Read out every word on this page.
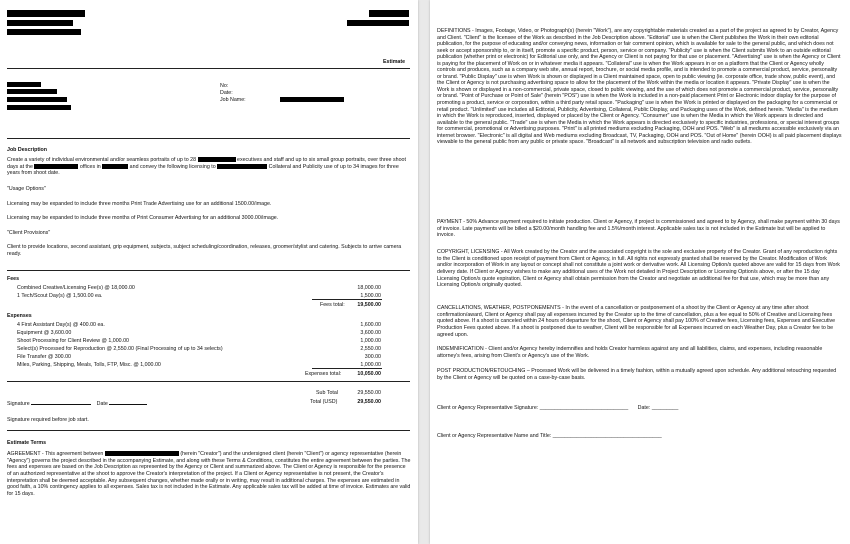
Estimate
No:
Date:
Job Name:
Job Description
Create a variety of individual environmental and/or seamless portraits of up to 28	executives and staff and up to six small group portraits, over three shoot days at the	offices in	and convey the following licensing to	Collateral and Publicity use of up to 34 images for three years from shoot date.
"Usage Options"
Licensing may be expanded to include three months Print Trade Advertising use for an additional 1500.00/image.
Licensing may be expanded to include three months of Print Consumer Advertising for an additional 3000.00/image.
"Client Provisions"
Client to provide locations, second assistant, grip equipment, subjects, subject scheduling/coordination, releases, groomer/stylist and catering. Subjects to arrive camera ready.
Fees
Combined Creative/Licensing Fee(s) @ 18,000.00	18,000.00
1 Tech/Scout Day(s) @ 1,500.00 ea.	1,500.00
Fees total:	19,500.00
Expenses
4 First Assistant Day(s) @ 400.00 ea.	1,600.00
Equipment @ 3,600.00	3,600.00
Shoot Processing for Client Review @ 1,000.00	1,000.00
Select(s) Processed for Reproduction @ 2,550.00 (Final Processing of up to 34 selects)	2,550.00
File Transfer @ 300.00	300.00
Miles, Parking, Shipping, Meals, Tolls, FTP, Misc. @ 1,000.00	1,000.00
Expenses total:	10,050.00
Sub Total	29,550.00
Total (USD)	29,550.00
Signature	Date
Signature required before job start.
Estimate Terms
AGREEMENT - This agreement between	(herein "Creator") and the undersigned client (herein "Client") or agency representative (herein "Agency") governs the project described in the accompanying Estimate, and along with these Terms & Conditions, constitutes the entire agreement between the parties. The fees and expenses are based on the Job Description as represented by the Agency or Client and summarized above. The Client or Agency is responsible for the presence of an authorized representative at the shoot to approve the Creator's interpretation of the project. If a Client or Agency representative is not present, the Creator's interpretation shall be deemed acceptable. Any subsequent changes, whether made orally or in writing, may result in additional charges. The expenses are estimated in good faith, a 10% contingency applies to all expenses. Sales tax is not included in the Estimate. Any applicable sales tax will be added at time of invoice. Estimates are valid for 15 days.
DEFINITIONS - Images, Footage, Video, or Photograph(s) (herein "Work"), are any copyrightable materials created as a part of the project as agreed to by Creator, Agency and Client. "Client" is the licensee of the Work as described in the Job Description above. "Editorial" use is when the Client publishes the Work in their own editorial publication, for the purpose of educating and/or conveying news, information or fair comment opinion, which is available for sale to the general public, and which does not seek or accept sponsorship to, or in itself, promote a specific product, person, service or company. "Publicity" use is when the Client submits Work to an outside editorial publication (whether print or electronic) for Editorial use only, and the Agency or Client is not paying for that use or placement. "Advertising" use is when the Agency or Client is paying for the placement of Work on or in whatever media it appears. "Collateral" use is when the Work appears in or on a platform that the Client or Agency wholly controls and produces, such as a company web site, annual report, brochure, or social media profile, and is intended to promote a commercial product, service, personality or brand. "Public Display" use is when Work is shown or displayed in a Client maintained space, open to public viewing (ie. corporate office, trade show, public event), and the Client or Agency is not purchasing advertising space to allow for the placement of the Work within the media or location it appears. "Private Display" use is when the Work is shown or displayed in a non-commercial, private space, closed to public viewing, and the use of which does not promote a commercial product, service, personality or brand. "Point of Purchase or Point of Sale" (herein "POS") use is when the Work is included in a non-paid placement Print or Electronic indoor display for the purpose of promoting a product, service or corporation, within a third party retail space. "Packaging" use is when the Work is printed or displayed on the packaging for a commercial or retail product. "Unlimited" use includes all Editorial, Publicity, Advertising, Collateral, Public Display, and Packaging uses of the Work, defined herein. "Media" is the medium in which the Work is reproduced, inserted, displayed or placed by the Client or Agency. "Consumer" use is when the Media in which the Work appears is directed and available to the general public. "Trade" use is when the Media in which the Work appears is directed exclusively to specific industries, professions, or special interest groups for commercial, promotional or Advertising purposes. "Print" is all printed mediums excluding Packaging, OOH and POS. "Web" is all mediums accessible exclusively via an internet browser. "Electronic" is all digital and Web mediums excluding Broadcast, TV, Packaging, OOH and POS. "Out of Home" (herein OOH) is all paid placement displays viewable to the general public from any public or private space. "Broadcast" is all network and subscription television and radio outlets.
PAYMENT - 50% Advance payment required to initiate production. Client or Agency, if project is commissioned and agreed to by Agency, shall make payment within 30 days of invoice. Late payments will be billed a $20.00/month handling fee and 1.5%/month interest. Applicable sales tax is not included in the Estimate but will be applied to invoice.
COPYRIGHT, LICENSING - All Work created by the Creator and the associated copyright is the sole and exclusive property of the Creator. Grant of any reproduction rights to the Client is conditioned upon receipt of payment from Client or Agency, in full. All rights not expressly granted shall be reserved by the Creator. Modification of Work and/or incorporation of Work in any layout or concept shall not constitute a joint work or derivative work. All Licensing Option/s quoted above are valid for 15 days from Work delivery date. If Client or Agency wishes to make any additional uses of the Work not detailed in Project Description or Licensing Option/s above, or after the 15 day Licensing Option/s quote expiration, Client or Agency shall obtain permission from the Creator and negotiate an additional fee for that use, which may be more than any Licensing Option/s originally quoted.
CANCELLATIONS, WEATHER, POSTPONEMENTS - In the event of a cancellation or postponement of a shoot by the Client or Agency at any time after shoot confirmation/award, Client or Agency shall pay all expenses incurred by the Creator up to the time of cancellation, plus a fee equal to 50% of Creative and Licensing fees quoted above. If a shoot is canceled within 24 hours of departure for the shoot, Client or Agency shall pay 100% of Creative fees, Licensing fees, Expenses and Executive Production Fees quoted above. If a shoot is postponed due to weather, Client will be responsible for all Expenses incurred on each Weather Day, plus a Creator fee to be agreed upon.
INDEMNIFICATION - Client and/or Agency hereby indemnifies and holds Creator harmless against any and all liabilities, claims, and expenses, including reasonable attorney's fees, arising from Client's or Agency's use of the Work.
POST PRODUCTION/RETOUCHING – Processed Work will be delivered in a timely fashion, within a mutually agreed upon schedule. Any additional retouching requested by the Client or Agency will be quoted on a case-by-case basis.
Client or Agency Representative Signature: ______________________________ Date: _________
Client or Agency Representative Name and Title: _____________________________________
